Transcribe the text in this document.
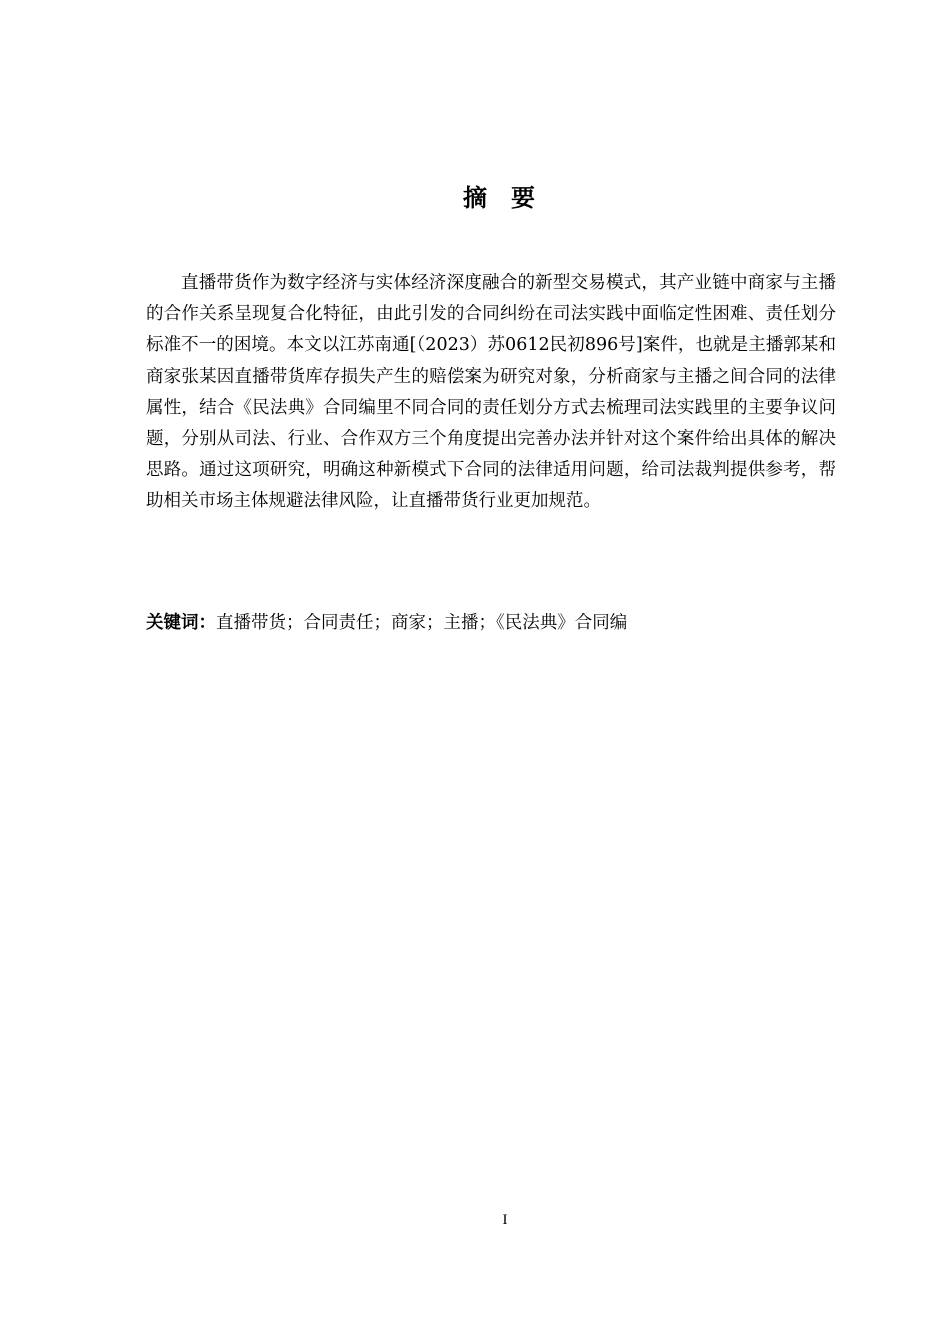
摘要

直播带货作为数字经济与实体经济深度融合的新型交易模式，其产业链中商家与主播的合作关系呈现复合化特征，由此引发的合同纠纷在司法实践中面临定性困难、责任划分标准不一的困境。本文以江苏南通[（2023）苏0612民初896号]案件，也就是主播郭某和商家张某因直播带货库存损失产生的赔偿案为研究对象，分析商家与主播之间合同的法律属性，结合《民法典》合同编里不同合同的责任划分方式去梳理司法实践里的主要争议问题，分别从司法、行业、合作双方三个角度提出完善办法并针对这个案件给出具体的解决思路。通过这项研究，明确这种新模式下合同的法律适用问题，给司法裁判提供参考，帮助相关市场主体规避法律风险，让直播带货行业更加规范。

关键词：直播带货；合同责任；商家；主播；《民法典》合同编

I
